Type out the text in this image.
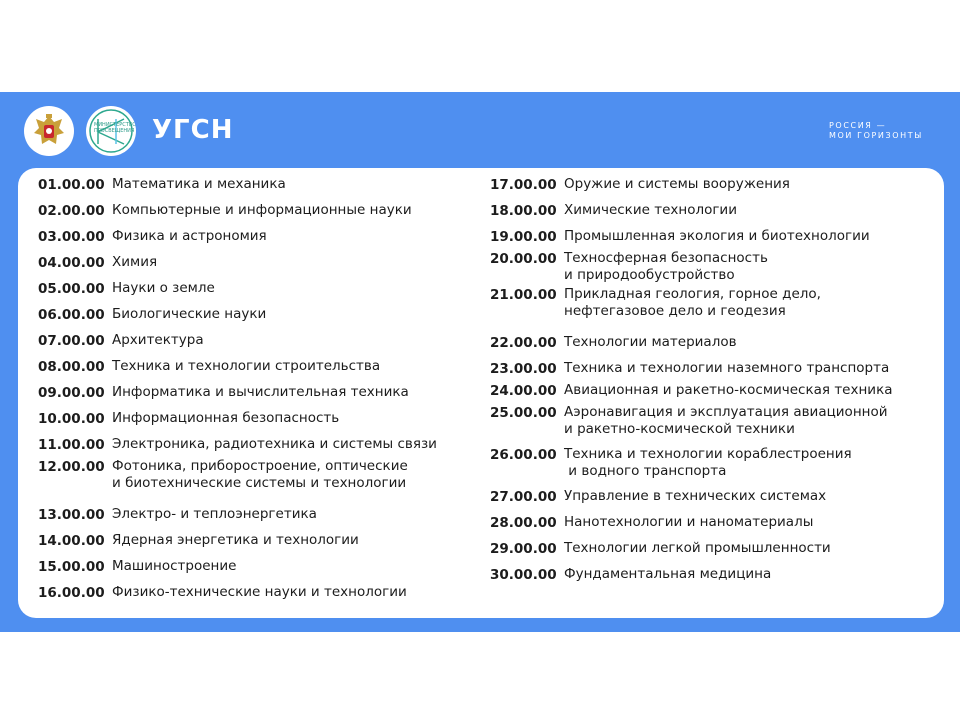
МИНИСТЕРСТВО ПРОСВЕЩЕНИЯ УГСН	РОССИЯ —
МОИ ГОРИЗОНТЫ
01.00.00 Математика и механика
02.00.00 Компьютерные и информационные науки
03.00.00 Физика и астрономия
04.00.00 Химия
05.00.00 Науки о земле
06.00.00 Биологические науки
07.00.00 Архитектура
08.00.00 Техника и технологии строительства
09.00.00 Информатика и вычислительная техника
10.00.00 Информационная безопасность
11.00.00 Электроника, радиотехника и системы связи
12.00.00 Фотоника, приборостроение, оптические
и биотехнические системы и технологии
13.00.00 Электро- и теплоэнергетика
14.00.00 Ядерная энергетика и технологии
15.00.00 Машиностроение
16.00.00 Физико-технические науки и технологии
17.00.00 Оружие и системы вооружения
18.00.00 Химические технологии
19.00.00 Промышленная экология и биотехнологии
20.00.00 Техносферная безопасность
и природообустройство
21.00.00 Прикладная геология, горное дело,
нефтегазовое дело и геодезия
22.00.00 Технологии материалов
23.00.00 Техника и технологии наземного транспорта
24.00.00 Авиационная и ракетно-космическая техника
25.00.00 Аэронавигация и эксплуатация авиационной
и ракетно-космической техники
26.00.00 Техника и технологии кораблестроения
и водного транспорта
27.00.00 Управление в технических системах
28.00.00 Нанотехнологии и наноматериалы
29.00.00 Технологии легкой промышленности
30.00.00 Фундаментальная медицина
